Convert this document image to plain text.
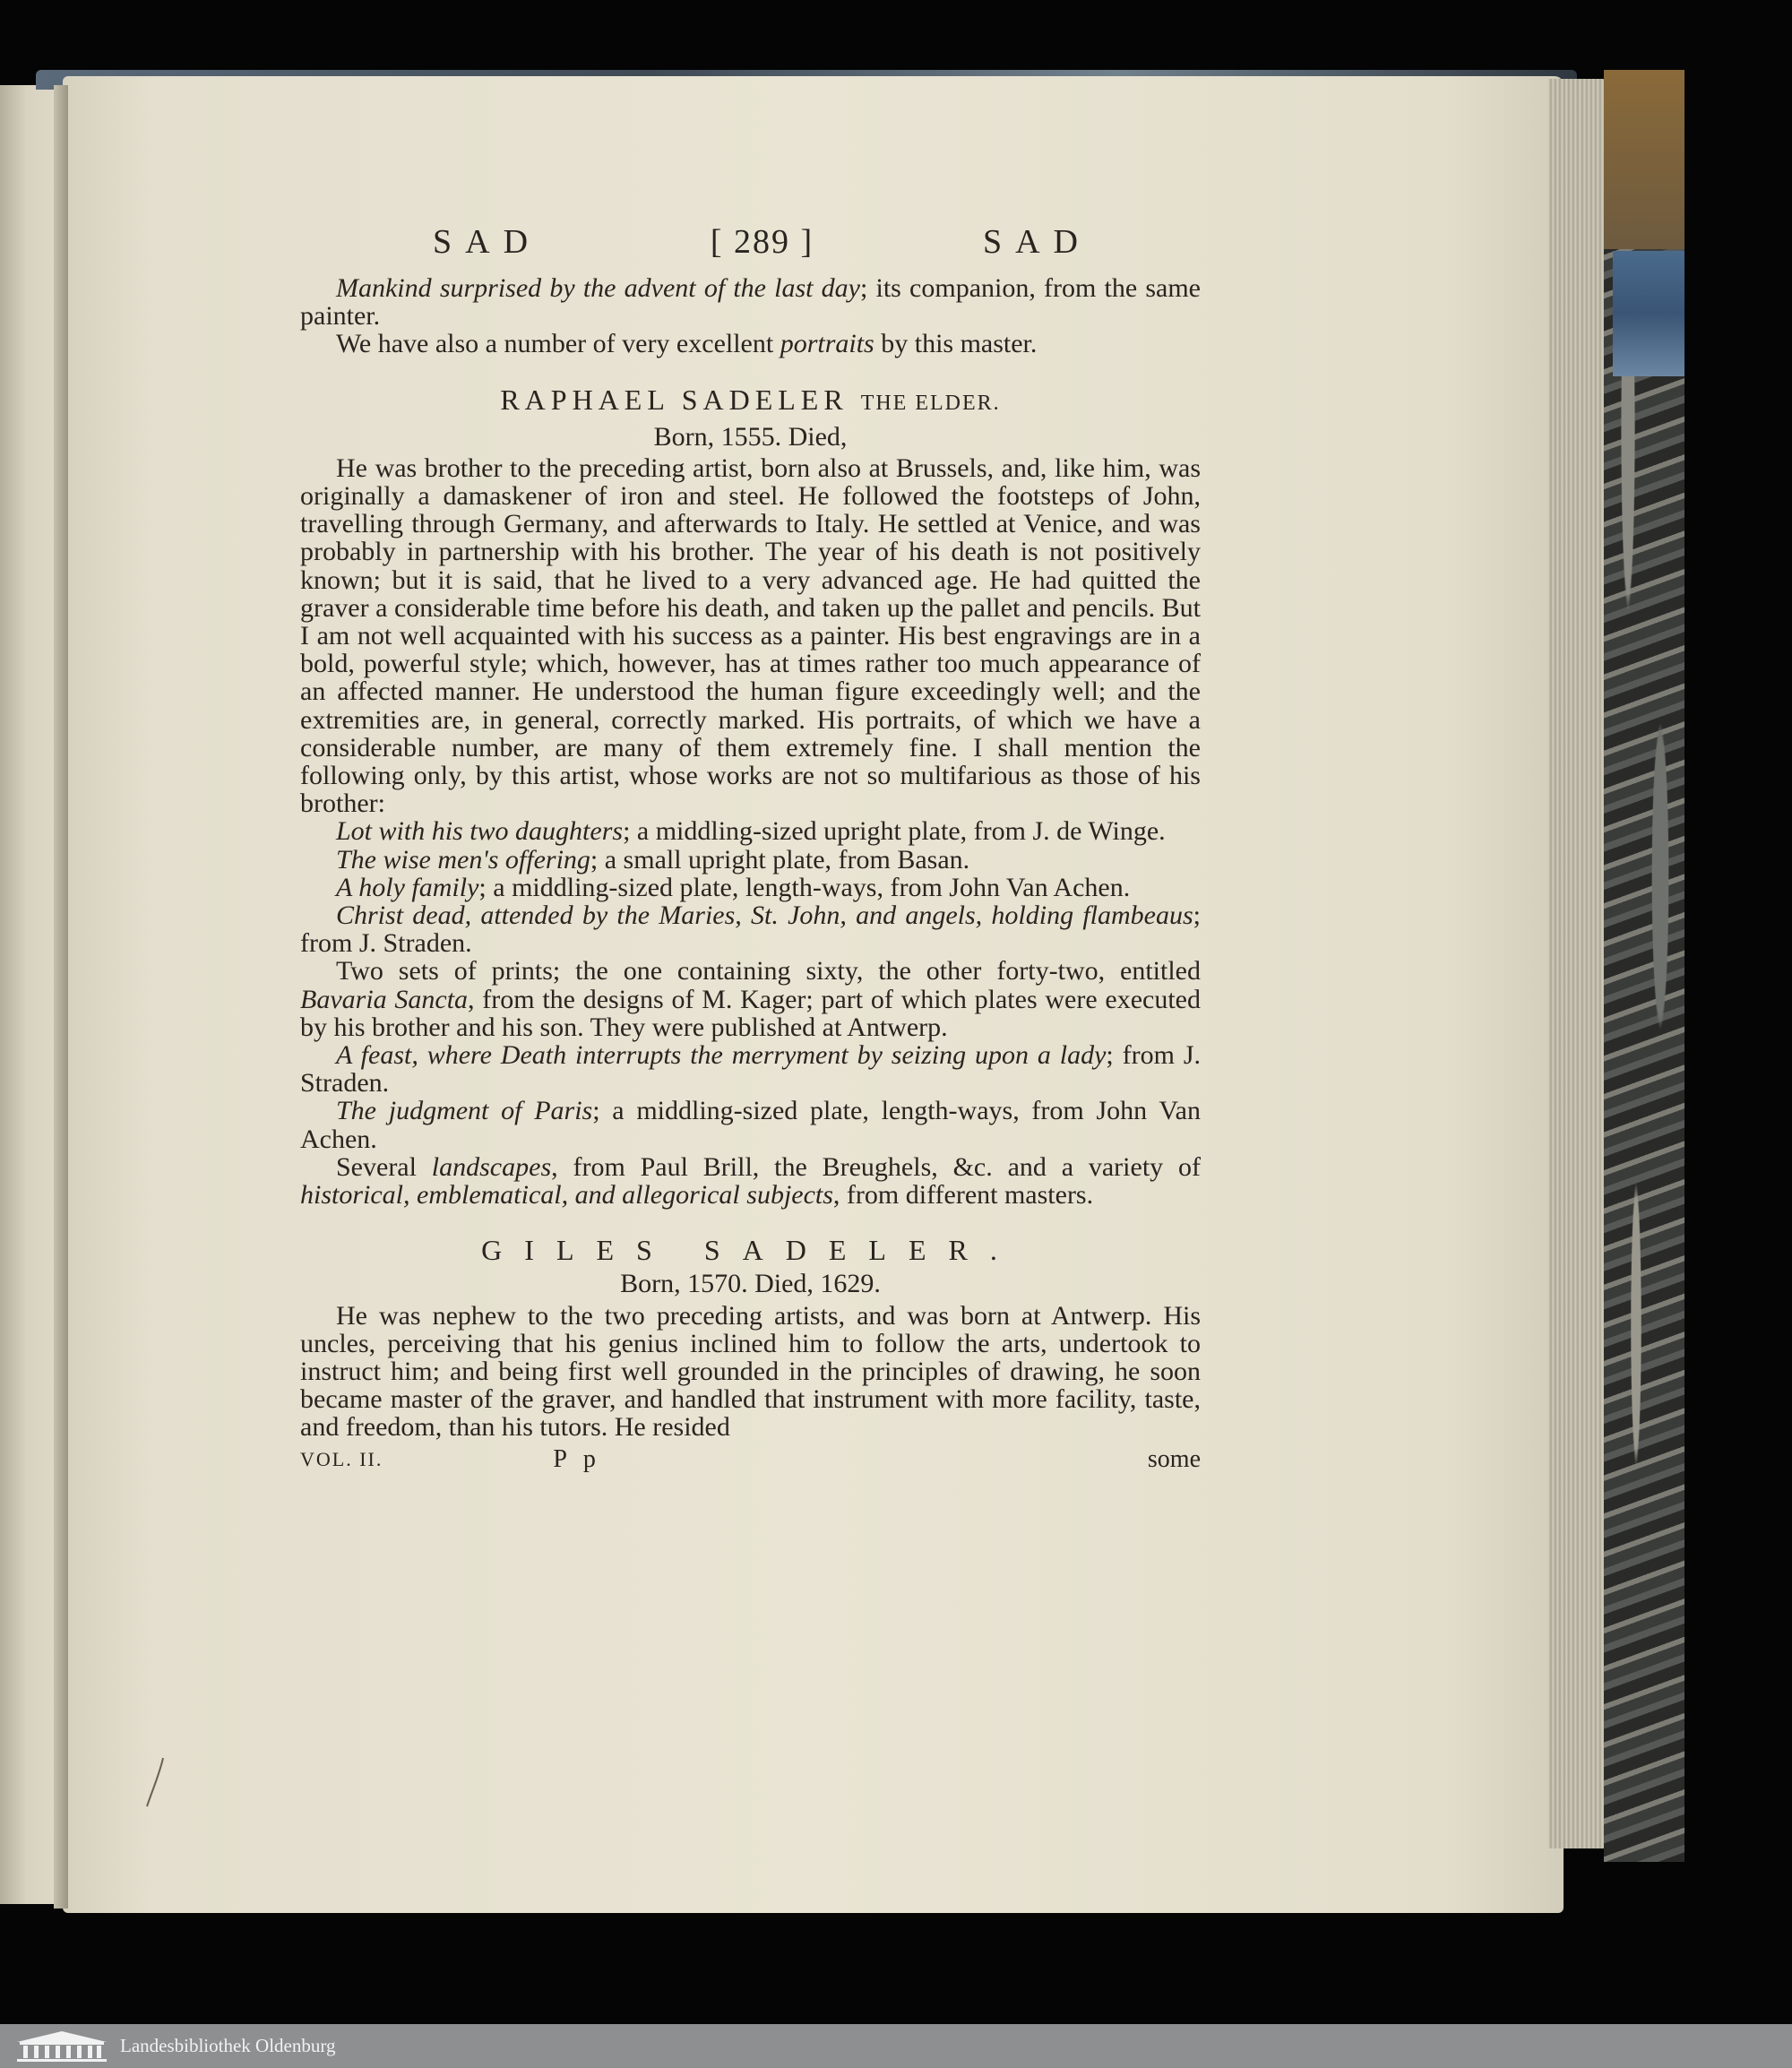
SAD	[ 289 ]	SAD

Mankind surprised by the advent of the last day; its companion, from the same painter.

We have also a number of very excellent portraits by this master.

RAPHAEL SADELER THE ELDER.
Born, 1555. Died,

He was brother to the preceding artist, born also at Brussels, and, like him, was originally a damaskener of iron and steel. He followed the footsteps of John, travelling through Germany, and afterwards to Italy. He settled at Venice, and was probably in partnership with his brother. The year of his death is not positively known; but it is said, that he lived to a very advanced age. He had quitted the graver a considerable time before his death, and taken up the pallet and pencils. But I am not well acquainted with his success as a painter. His best engravings are in a bold, powerful style; which, however, has at times rather too much appearance of an affected manner. He understood the human figure exceedingly well; and the extremities are, in general, correctly marked. His portraits, of which we have a considerable number, are many of them extremely fine. I shall mention the following only, by this artist, whose works are not so multifarious as those of his brother:

Lot with his two daughters; a middling-sized upright plate, from J. de Winge.

The wise men's offering; a small upright plate, from Basan.

A holy family; a middling-sized plate, length-ways, from John Van Achen.

Christ dead, attended by the Maries, St. John, and angels, holding flambeaus; from J. Straden.

Two sets of prints; the one containing sixty, the other forty-two, entitled Bavaria Sancta, from the designs of M. Kager; part of which plates were executed by his brother and his son. They were published at Antwerp.

A feast, where Death interrupts the merryment by seizing upon a lady; from J. Straden.

The judgment of Paris; a middling-sized plate, length-ways, from John Van Achen.

Several landscapes, from Paul Brill, the Breughels, &c. and a variety of historical, emblematical, and allegorical subjects, from different masters.

GILES SADELER.
Born, 1570. Died, 1629.

He was nephew to the two preceding artists, and was born at Antwerp. His uncles, perceiving that his genius inclined him to follow the arts, undertook to instruct him; and being first well grounded in the principles of drawing, he soon became master of the graver, and handled that instrument with more facility, taste, and freedom, than his tutors. He resided

VOL. II.	P p	some
Landesbibliothek Oldenburg
